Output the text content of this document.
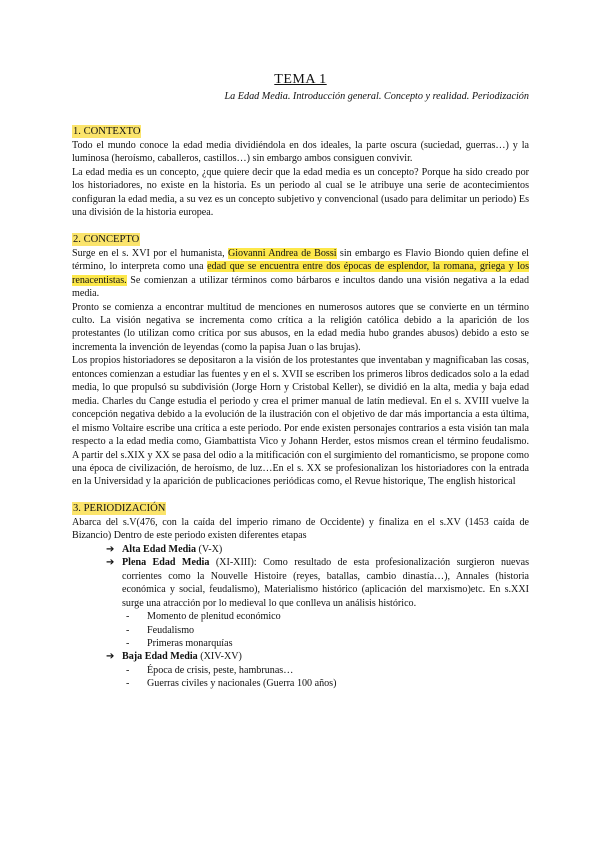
TEMA 1
La Edad Media. Introducción general. Concepto y realidad. Periodización
1. CONTEXTO

Todo el mundo conoce la edad media dividiéndola en dos ideales, la parte oscura (suciedad, guerras…) y la luminosa (heroísmo, caballeros, castillos…) sin embargo ambos consiguen convivir.

La edad media es un concepto, ¿que quiere decir que la edad media es un concepto? Porque ha sido creado por los historiadores, no existe en la historia. Es un periodo al cual se le atribuye una serie de acontecimientos configuran la edad media, a su vez es un concepto subjetivo y convencional (usado para delimitar un periodo) Es una división de la historia europea.

2. CONCEPTO

Surge en el s. XVI por el humanista, Giovanni Andrea de Bossi sin embargo es Flavio Biondo quien define el término, lo interpreta como una edad que se encuentra entre dos épocas de esplendor, la romana, griega y los renacentistas. Se comienzan a utilizar términos como bárbaros e incultos dando una visión negativa a la edad media.

Pronto se comienza a encontrar multitud de menciones en numerosos autores que se convierte en un término culto. La visión negativa se incrementa como crítica a la religión católica debido a la aparición de los protestantes (lo utilizan como crítica por sus abusos, en la edad media hubo grandes abusos) debido a esto se incrementa la invención de leyendas (como la papisa Juan o las brujas).

Los propios historiadores se depositaron a la visión de los protestantes que inventaban y magnificaban las cosas, entonces comienzan a estudiar las fuentes y en el s. XVII se escriben los primeros libros dedicados solo a la edad media, lo que propulsó su subdivisión (Jorge Horn y Cristobal Keller), se dividió en la alta, media y baja edad media. Charles du Cange estudia el periodo y crea el primer manual de latín medieval. En el s. XVIII vuelve la concepción negativa debido a la evolución de la ilustración con el objetivo de dar más importancia a esta última, el mismo Voltaire escribe una crítica a este periodo. Por ende existen personajes contrarios a esta visión tan mala respecto a la edad media como, Giambattista Vico y Johann Herder, estos mismos crean el término feudalismo. A partir del s.XIX y XX se pasa del odio a la mitificación con el surgimiento del romanticismo, se propone como una época de civilización, de heroísmo, de luz…En el s. XX se profesionalizan los historiadores con la entrada en la Universidad y la aparición de publicaciones periódicas como, el Revue historique, The english historical

3. PERIODIZACIÓN

Abarca del s.V(476, con la caída del imperio rimano de Occidente) y finaliza en el s.XV (1453 caída de Bizancio) Dentro de este periodo existen diferentes etapas

➔ Alta Edad Media (V-X)
➔ Plena Edad Media (XI-XIII): Como resultado de esta profesionalización surgieron nuevas corrientes como la Nouvelle Histoire (reyes, batallas, cambio dinastía…), Annales (historia económica y social, feudalismo), Materialismo histórico (aplicación del marxismo)etc. En s.XXI surge una atracción por lo medieval lo que conlleva un análisis histórico.
- Momento de plenitud económico
- Feudalismo
- Primeras monarquías
➔ Baja Edad Media (XIV-XV)
- Época de crisis, peste, hambrunas…
- Guerras civiles y nacionales (Guerra 100 años)
